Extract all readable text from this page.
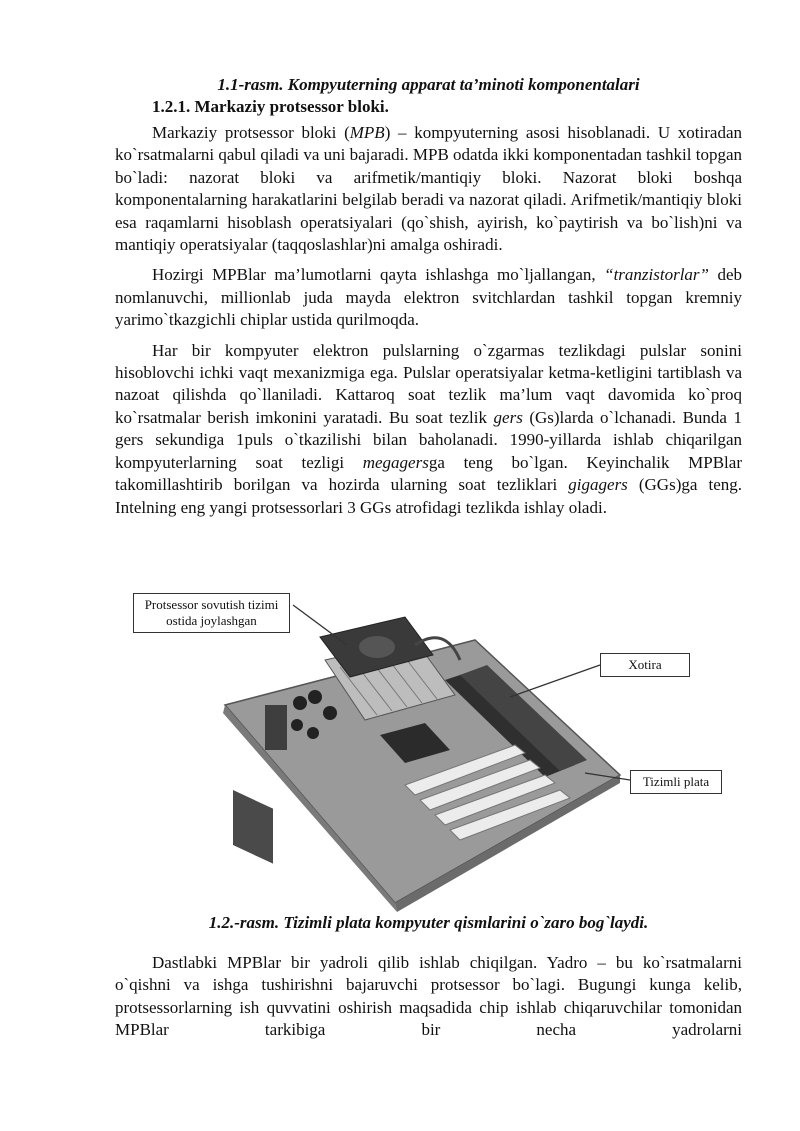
1.1-rasm. Kompyuterning apparat ta’minoti komponentalari

1.2.1. Markaziy protsessor bloki.

Markaziy protsessor bloki (MPB) – kompyuterning asosi hisoblanadi. U xotiradan ko`rsatmalarni qabul qiladi va uni bajaradi. MPB odatda ikki komponentadan tashkil topgan bo`ladi: nazorat bloki va arifmetik/mantiqiy bloki. Nazorat bloki boshqa komponentalarning harakatlarini belgilab beradi va nazorat qiladi. Arifmetik/mantiqiy bloki esa raqamlarni hisoblash operatsiyalari (qo`shish, ayirish, ko`paytirish va bo`lish)ni va mantiqiy operatsiyalar (taqqoslashlar)ni amalga oshiradi.

Hozirgi MPBlar ma’lumotlarni qayta ishlashga mo`ljallangan, “tranzistorlar” deb nomlanuvchi, millionlab juda mayda elektron svitchlardan tashkil topgan kremniy yarimo`tkazgichli chiplar ustida qurilmoqda.

Har bir kompyuter elektron pulslarning o`zgarmas tezlikdagi pulslar sonini hisoblovchi ichki vaqt mexanizmiga ega. Pulslar operatsiyalar ketma-ketligini tartiblash va nazoat qilishda qo`llaniladi. Kattaroq soat tezlik ma’lum vaqt davomida ko`proq ko`rsatmalar berish imkonini yaratadi. Bu soat tezlik gers (Gs)larda o`lchanadi. Bunda 1 gers sekundiga 1puls o`tkazilishi bilan baholanadi. 1990-yillarda ishlab chiqarilgan kompyuterlarning soat tezligi megagersga teng bo`lgan. Keyinchalik MPBlar takomillashtirib borilgan va hozirda ularning soat tezliklari gigagers (GGs)ga teng. Intelning eng yangi protsessorlari 3 GGs atrofidagi tezlikda ishlay oladi.

Protsessor sovutish tizimi ostida joylashgan
Xotira
Tizimli plata

1.2.-rasm. Tizimli plata kompyuter qismlarini o`zaro bog`laydi.

Dastlabki MPBlar bir yadroli qilib ishlab chiqilgan. Yadro – bu ko`rsatmalarni o`qishni va ishga tushirishni bajaruvchi protsessor bo`lagi. Bugungi kunga kelib, protsessorlarning ish quvvatini oshirish maqsadida chip ishlab chiqaruvchilar tomonidan MPBlar tarkibiga bir necha yadrolarni
